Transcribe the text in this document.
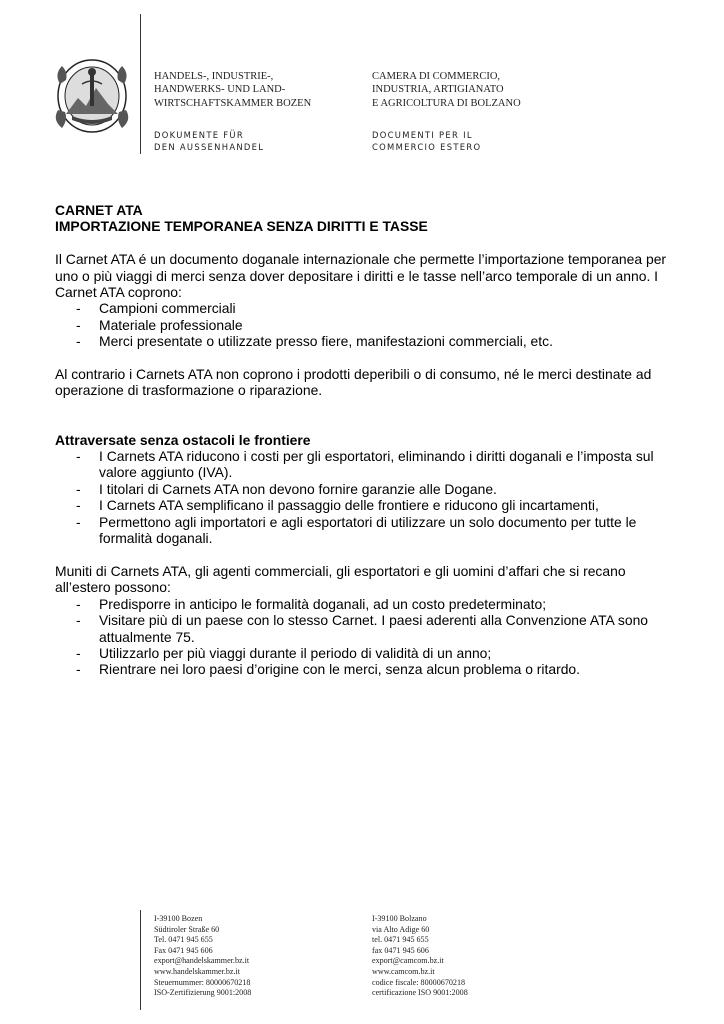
HANDELS-, INDUSTRIE-,
HANDWERKS- UND LAND-
WIRTSCHAFTSKAMMER BOZEN
CAMERA DI COMMERCIO,
INDUSTRIA, ARTIGIANATO
E AGRICOLTURA DI BOLZANO
DOKUMENTE FÜR
DEN AUSSENHANDEL
DOCUMENTI PER IL
COMMERCIO ESTERO
CARNET ATA
IMPORTAZIONE TEMPORANEA SENZA DIRITTI E TASSE

Il Carnet ATA é un documento doganale internazionale che permette l’importazione temporanea per uno o più viaggi di merci senza dover depositare i diritti e le tasse nell’arco temporale di un anno. I Carnet ATA coprono:

- Campioni commerciali
- Materiale professionale
- Merci presentate o utilizzate presso fiere, manifestazioni commerciali, etc.

Al contrario i Carnets ATA non coprono i prodotti deperibili o di consumo, né le merci destinate ad operazione di trasformazione o riparazione.

Attraversate senza ostacoli le frontiere
- I Carnets ATA riducono i costi per gli esportatori, eliminando i diritti doganali e l’imposta sul valore aggiunto (IVA).
- I titolari di Carnets ATA non devono fornire garanzie alle Dogane.
- I Carnets ATA semplificano il passaggio delle frontiere e riducono gli incartamenti,
- Permettono agli importatori e agli esportatori di utilizzare un solo documento per tutte le formalità doganali.

Muniti di Carnets ATA, gli agenti commerciali, gli esportatori e gli uomini d’affari che si recano all’estero possono:

- Predisporre in anticipo le formalità doganali, ad un costo predeterminato;
- Visitare più di un paese con lo stesso Carnet. I paesi aderenti alla Convenzione ATA sono attualmente 75.
- Utilizzarlo per più viaggi durante il periodo di validità di un anno;
- Rientrare nei loro paesi d’origine con le merci, senza alcun problema o ritardo.
I-39100 Bozen
Südtiroler Straße 60
Tel. 0471 945 655
Fax 0471 945 606
export@handelskammer.bz.it
www.handelskammer.bz.it
Steuernummer: 80000670218
ISO-Zertifizierung 9001:2008
I-39100 Bolzano
via Alto Adige 60
tel. 0471 945 655
fax 0471 945 606
export@camcom.bz.it
www.camcom.bz.it
codice fiscale: 80000670218
certificazione ISO 9001:2008
